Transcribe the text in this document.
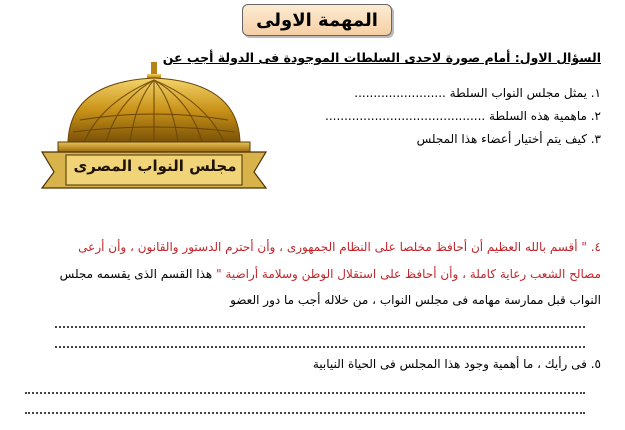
المهمة الاولى
السؤال الاول: أمام صورة لاحدى السلطات الموجودة فى الدولة أجب عن
١. يمثل مجلس النواب السلطة ........................
٢. ماهمية هذه السلطة ..........................................
٣. كيف يتم أختيار أعضاء هذا المجلس
مجلس النواب المصرى
٤. " أقسم بالله العظيم أن أحافظ مخلصا على النظام الجمهورى ، وأن أحترم الدستور والقانون ، وأن أرعى
مصالح الشعب رعاية كاملة ، وأن أحافظ على استقلال الوطن وسلامة أراضية " هذا القسم الذى يقسمه مجلس
النواب قبل ممارسة مهامه فى مجلس النواب ، من خلاله أجب ما دور العضو
٥. فى رأيك ، ما أهمية وجود هذا المجلس فى الحياة النيابية
